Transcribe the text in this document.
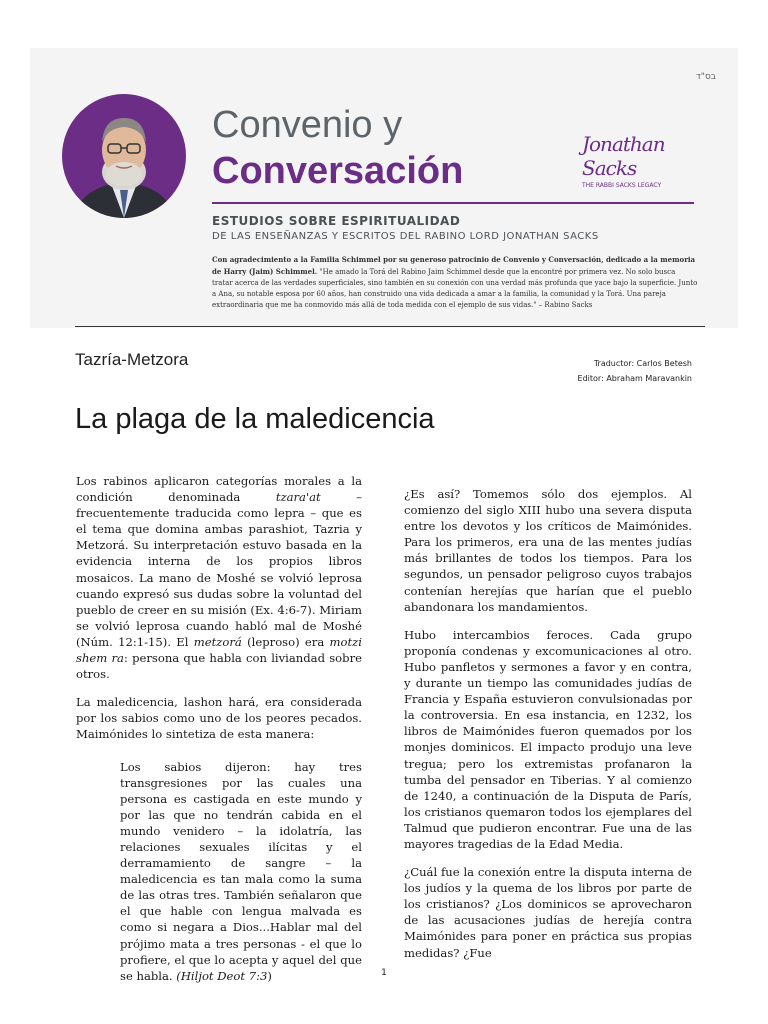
בס"ד
Convenio y
Conversación
Jonathan Sacks
THE RABBI SACKS LEGACY
ESTUDIOS SOBRE ESPIRITUALIDAD
DE LAS ENSEÑANZAS Y ESCRITOS DEL RABINO LORD JONATHAN SACKS
Con agradecimiento a la Familia Schimmel por su generoso patrocinio de Convenio y Conversación, dedicado a la memoria de Harry (Jaim) Schimmel. "He amado la Torá del Rabino Jaim Schimmel desde que la encontré por primera vez. No solo busca tratar acerca de las verdades superficiales, sino también en su conexión con una verdad más profunda que yace bajo la superficie. Junto a Ana, su notable esposa por 60 años, han construido una vida dedicada a amar a la familia, la comunidad y la Torá. Una pareja extraordinaria que me ha conmovido más allá de toda medida con el ejemplo de sus vidas." – Rabino Sacks
Tazría-Metzora	Traductor: Carlos Betesh
Editor: Abraham Maravankin
La plaga de la maledicencia

Los rabinos aplicaron categorías morales a la condición denominada tzara'at – frecuentemente traducida como lepra – que es el tema que domina ambas parashiot, Tazria y Metzorá. Su interpretación estuvo basada en la evidencia interna de los propios libros mosaicos. La mano de Moshé se volvió leprosa cuando expresó sus dudas sobre la voluntad del pueblo de creer en su misión (Ex. 4:6-7). Miriam se volvió leprosa cuando habló mal de Moshé (Núm. 12:1-15). El metzorá (leproso) era motzi shem ra: persona que habla con liviandad sobre otros.

La maledicencia, lashon hará, era considerada por los sabios como uno de los peores pecados. Maimónides lo sintetiza de esta manera:

Los sabios dijeron: hay tres transgresiones por las cuales una persona es castigada en este mundo y por las que no tendrán cabida en el mundo venidero – la idolatría, las relaciones sexuales ilícitas y el derramamiento de sangre – la maledicencia es tan mala como la suma de las otras tres. También señalaron que el que hable con lengua malvada es como si negara a Dios...Hablar mal del prójimo mata a tres personas - el que lo profiere, el que lo acepta y aquel del que se habla. (Hiljot Deot 7:3)

¿Es así? Tomemos sólo dos ejemplos. Al comienzo del siglo XIII hubo una severa disputa entre los devotos y los críticos de Maimónides. Para los primeros, era una de las mentes judías más brillantes de todos los tiempos. Para los segundos, un pensador peligroso cuyos trabajos contenían herejías que harían que el pueblo abandonara los mandamientos.

Hubo intercambios feroces. Cada grupo proponía condenas y excomunicaciones al otro. Hubo panfletos y sermones a favor y en contra, y durante un tiempo las comunidades judías de Francia y España estuvieron convulsionadas por la controversia. En esa instancia, en 1232, los libros de Maimónides fueron quemados por los monjes dominicos. El impacto produjo una leve tregua; pero los extremistas profanaron la tumba del pensador en Tiberias. Y al comienzo de 1240, a continuación de la Disputa de París, los cristianos quemaron todos los ejemplares del Talmud que pudieron encontrar. Fue una de las mayores tragedias de la Edad Media.

¿Cuál fue la conexión entre la disputa interna de los judíos y la quema de los libros por parte de los cristianos? ¿Los dominicos se aprovecharon de las acusaciones judías de herejía contra Maimónides para poner en práctica sus propias medidas? ¿Fue

1
